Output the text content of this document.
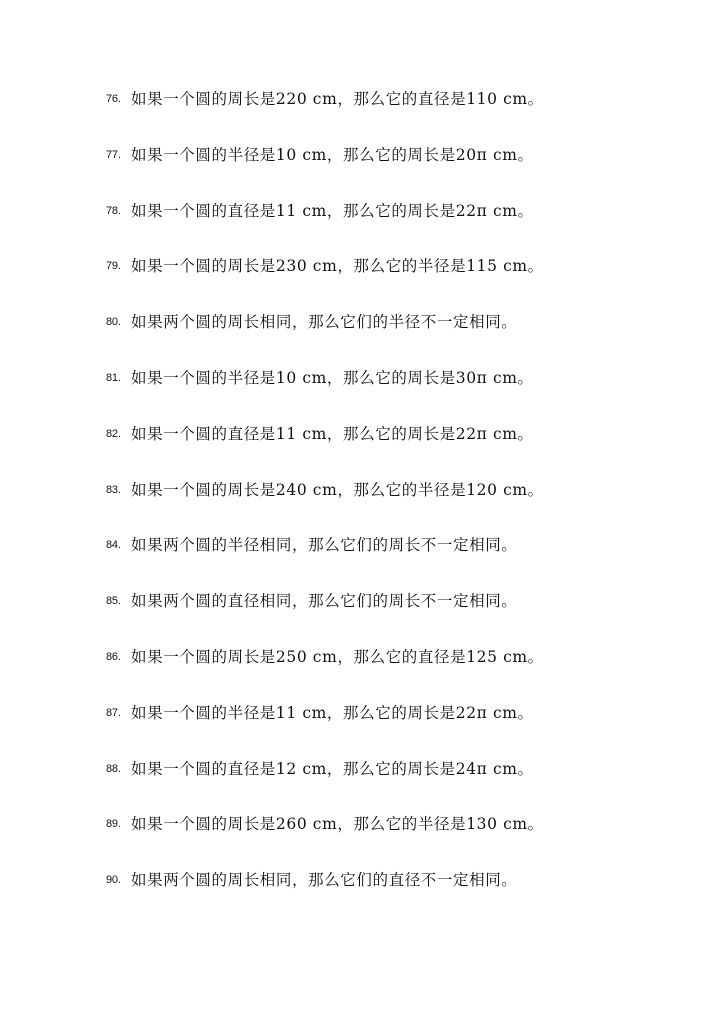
76. 如果一个圆的周长是220 cm，那么它的直径是110 cm。
77. 如果一个圆的半径是10 cm，那么它的周长是20π cm。
78. 如果一个圆的直径是11 cm，那么它的周长是22π cm。
79. 如果一个圆的周长是230 cm，那么它的半径是115 cm。
80. 如果两个圆的周长相同，那么它们的半径不一定相同。
81. 如果一个圆的半径是10 cm，那么它的周长是30π cm。
82. 如果一个圆的直径是11 cm，那么它的周长是22π cm。
83. 如果一个圆的周长是240 cm，那么它的半径是120 cm。
84. 如果两个圆的半径相同，那么它们的周长不一定相同。
85. 如果两个圆的直径相同，那么它们的周长不一定相同。
86. 如果一个圆的周长是250 cm，那么它的直径是125 cm。
87. 如果一个圆的半径是11 cm，那么它的周长是22π cm。
88. 如果一个圆的直径是12 cm，那么它的周长是24π cm。
89. 如果一个圆的周长是260 cm，那么它的半径是130 cm。
90. 如果两个圆的周长相同，那么它们的直径不一定相同。
